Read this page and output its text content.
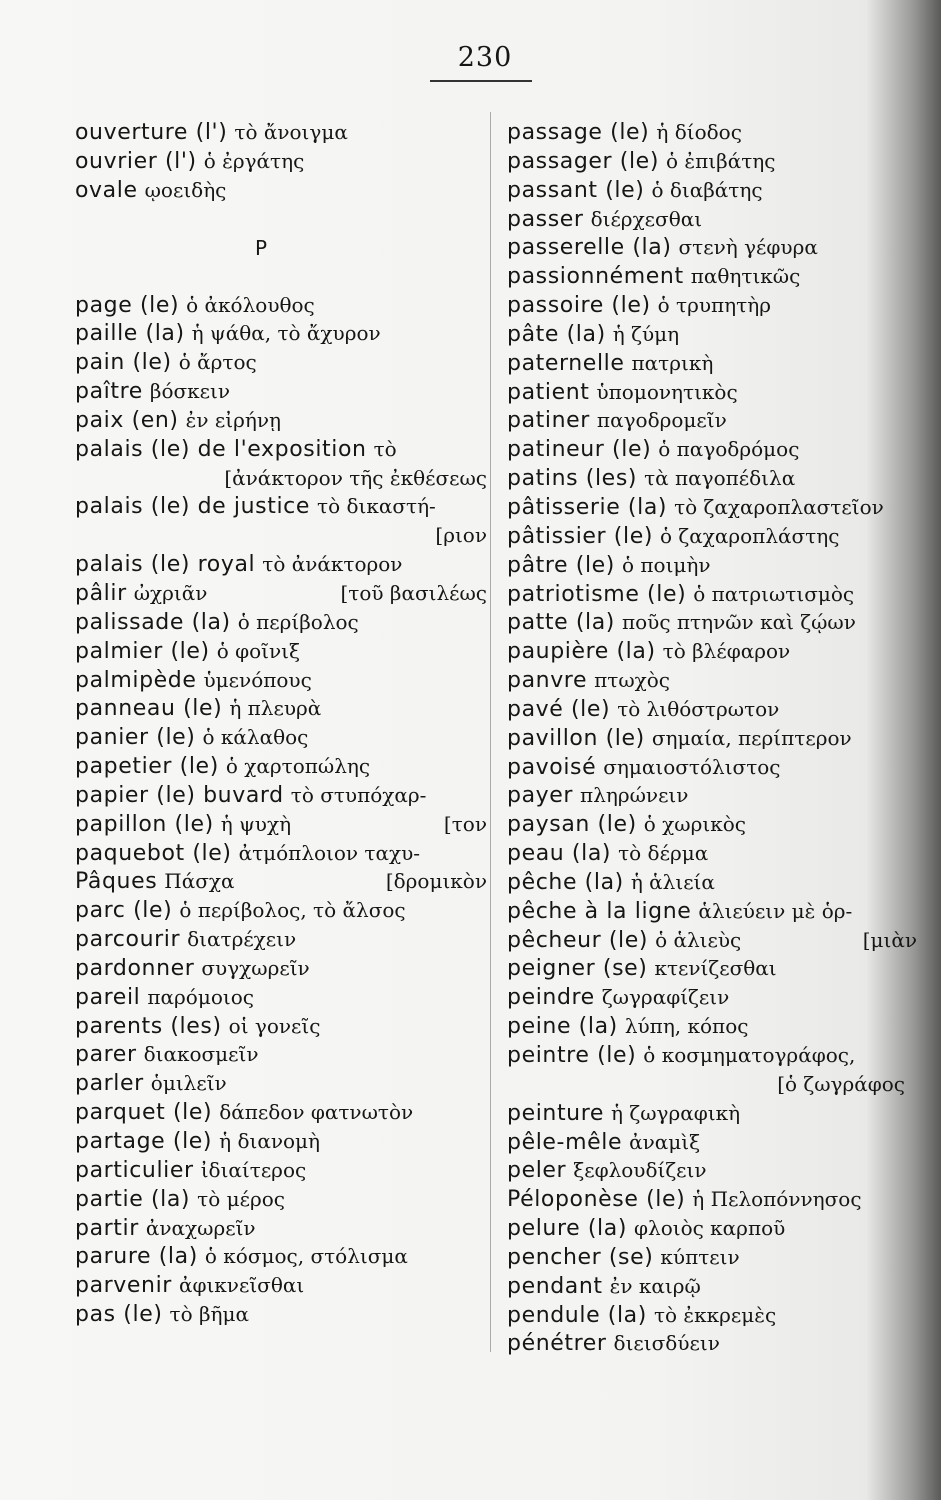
230
ouverture (l') τὸ ἄνοιγμα
ouvrier (l') ὁ ἐργάτης
ovale ῳοειδὴς
P
page (le) ὁ ἀκόλουθος
paille (la) ἡ ψάθα, τὸ ἄχυρον
pain (le) ὁ ἄρτος
paître βόσκειν
paix (en) ἐν εἰρήνῃ
palais (le) de l'exposition τὸ
[ἀνάκτορον τῆς ἐκθέσεως
palais (le) de justice τὸ δικαστή-
[ριον
palais (le) royal τὸ ἀνάκτορον
pâlir ὠχριᾶν	[τοῦ βασιλέως
palissade (la) ὁ περίβολος
palmier (le) ὁ φοῖνιξ
palmipède ὑμενόπους
panneau (le) ἡ πλευρὰ
panier (le) ὁ κάλαθος
papetier (le) ὁ χαρτοπώλης
papier (le) buvard τὸ στυπόχαρ-
papillon (le) ἡ ψυχὴ	[τον
paquebot (le) ἀτμόπλοιον ταχυ-
Pâques Πάσχα	[δρομικὸν
parc (le) ὁ περίβολος, τὸ ἄλσος
parcourir διατρέχειν
pardonner συγχωρεῖν
pareil παρόμοιος
parents (les) οἱ γονεῖς
parer διακοσμεῖν
parler ὁμιλεῖν
parquet (le) δάπεδον φατνωτὸν
partage (le) ἡ διανομὴ
particulier ἰδιαίτερος
partie (la) τὸ μέρος
partir ἀναχωρεῖν
parure (la) ὁ κόσμος, στόλισμα
parvenir ἀφικνεῖσθαι
pas (le) τὸ βῆμα
passage (le) ἡ δίοδος
passager (le) ὁ ἐπιβάτης
passant (le) ὁ διαβάτης
passer διέρχεσθαι
passerelle (la) στενὴ γέφυρα
passionnément παθητικῶς
passoire (le) ὁ τρυπητὴρ
pâte (la) ἡ ζύμη
paternelle πατρικὴ
patient ὑπομονητικὸς
patiner παγοδρομεῖν
patineur (le) ὁ παγοδρόμος
patins (les) τὰ παγοπέδιλα
pâtisserie (la) τὸ ζαχαροπλαστεῖον
pâtissier (le) ὁ ζαχαροπλάστης
pâtre (le) ὁ ποιμὴν
patriotisme (le) ὁ πατριωτισμὸς
patte (la) ποῦς πτηνῶν καὶ ζῴων
paupière (la) τὸ βλέφαρον
panvre πτωχὸς
pavé (le) τὸ λιθόστρωτον
pavillon (le) σημαία, περίπτερον
pavoisé σημαιοστόλιστος
payer πληρώνειν
paysan (le) ὁ χωρικὸς
peau (la) τὸ δέρμα
pêche (la) ἡ ἁλιεία
pêche à la ligne ἁλιεύειν μὲ ὁρ-
pêcheur (le) ὁ ἁλιεὺς	[μιὰν
peigner (se) κτενίζεσθαι
peindre ζωγραφίζειν
peine (la) λύπη, κόπος
peintre (le) ὁ κοσμηματογράφος,
[ὁ ζωγράφος
peinture ἡ ζωγραφικὴ
pêle-mêle ἀναμὶξ
peler ξεφλουδίζειν
Péloponèse (le) ἡ Πελοπόννησος
pelure (la) φλοιὸς καρποῦ
pencher (se) κύπτειν
pendant ἐν καιρῷ
pendule (la) τὸ ἐκκρεμὲς
pénétrer διεισδύειν
